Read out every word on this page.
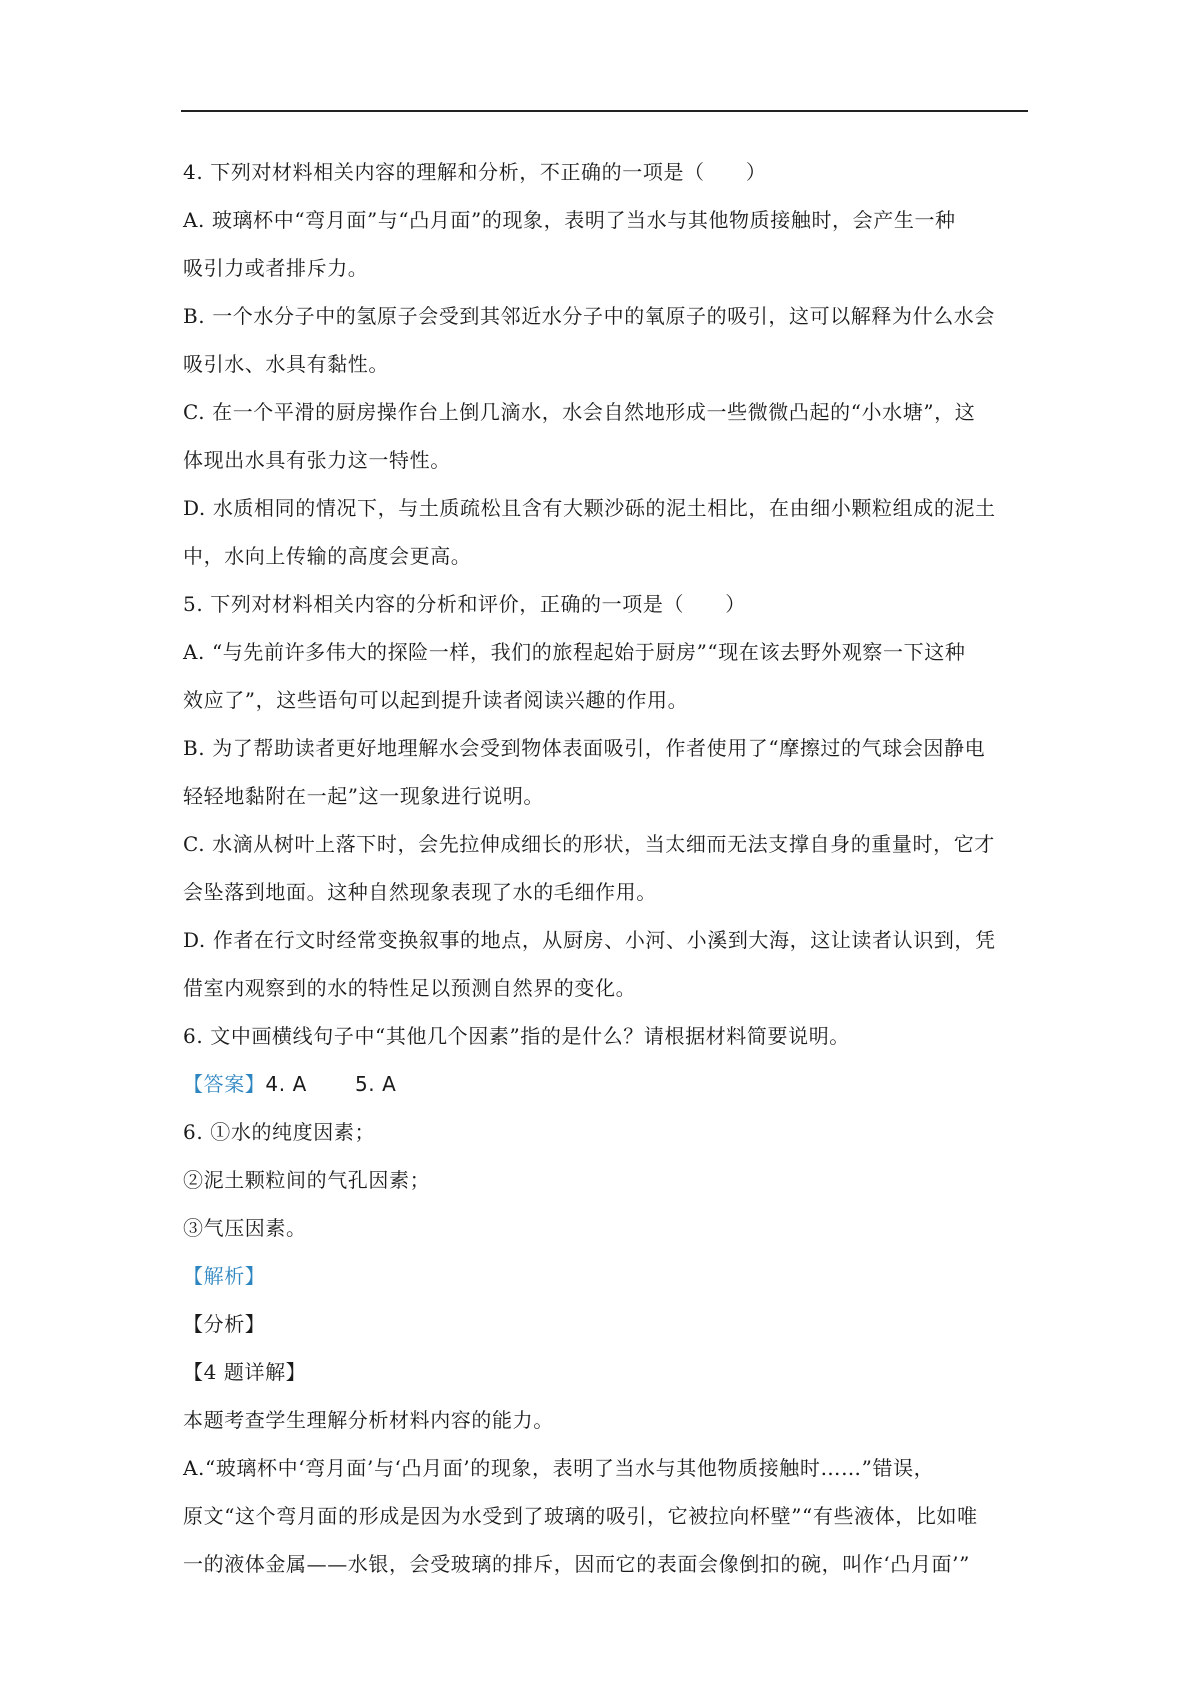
4. 下列对材料相关内容的理解和分析，不正确的一项是（　　）
A. 玻璃杯中“弯月面”与“凸月面”的现象，表明了当水与其他物质接触时，会产生一种
吸引力或者排斥力。
B. 一个水分子中的氢原子会受到其邻近水分子中的氧原子的吸引，这可以解释为什么水会
吸引水、水具有黏性。
C. 在一个平滑的厨房操作台上倒几滴水，水会自然地形成一些微微凸起的“小水塘”，这
体现出水具有张力这一特性。
D. 水质相同的情况下，与土质疏松且含有大颗沙砾的泥土相比，在由细小颗粒组成的泥土
中，水向上传输的高度会更高。
5. 下列对材料相关内容的分析和评价，正确的一项是（　　）
A. “与先前许多伟大的探险一样，我们的旅程起始于厨房”“现在该去野外观察一下这种
效应了”，这些语句可以起到提升读者阅读兴趣的作用。
B. 为了帮助读者更好地理解水会受到物体表面吸引，作者使用了“摩擦过的气球会因静电
轻轻地黏附在一起”这一现象进行说明。
C. 水滴从树叶上落下时，会先拉伸成细长的形状，当太细而无法支撑自身的重量时，它才
会坠落到地面。这种自然现象表现了水的毛细作用。
D. 作者在行文时经常变换叙事的地点，从厨房、小河、小溪到大海，这让读者认识到，凭
借室内观察到的水的特性足以预测自然界的变化。
6. 文中画横线句子中“其他几个因素”指的是什么？请根据材料简要说明。
【答案】4. A 5. A
6. ①水的纯度因素；
②泥土颗粒间的气孔因素；
③气压因素。
【解析】
【分析】
【4 题详解】
本题考查学生理解分析材料内容的能力。
A.“玻璃杯中‘弯月面’与‘凸月面’的现象，表明了当水与其他物质接触时……”错误，
原文“这个弯月面的形成是因为水受到了玻璃的吸引，它被拉向杯壁”“有些液体，比如唯
一的液体金属——水银，会受玻璃的排斥，因而它的表面会像倒扣的碗，叫作‘凸月面’”
